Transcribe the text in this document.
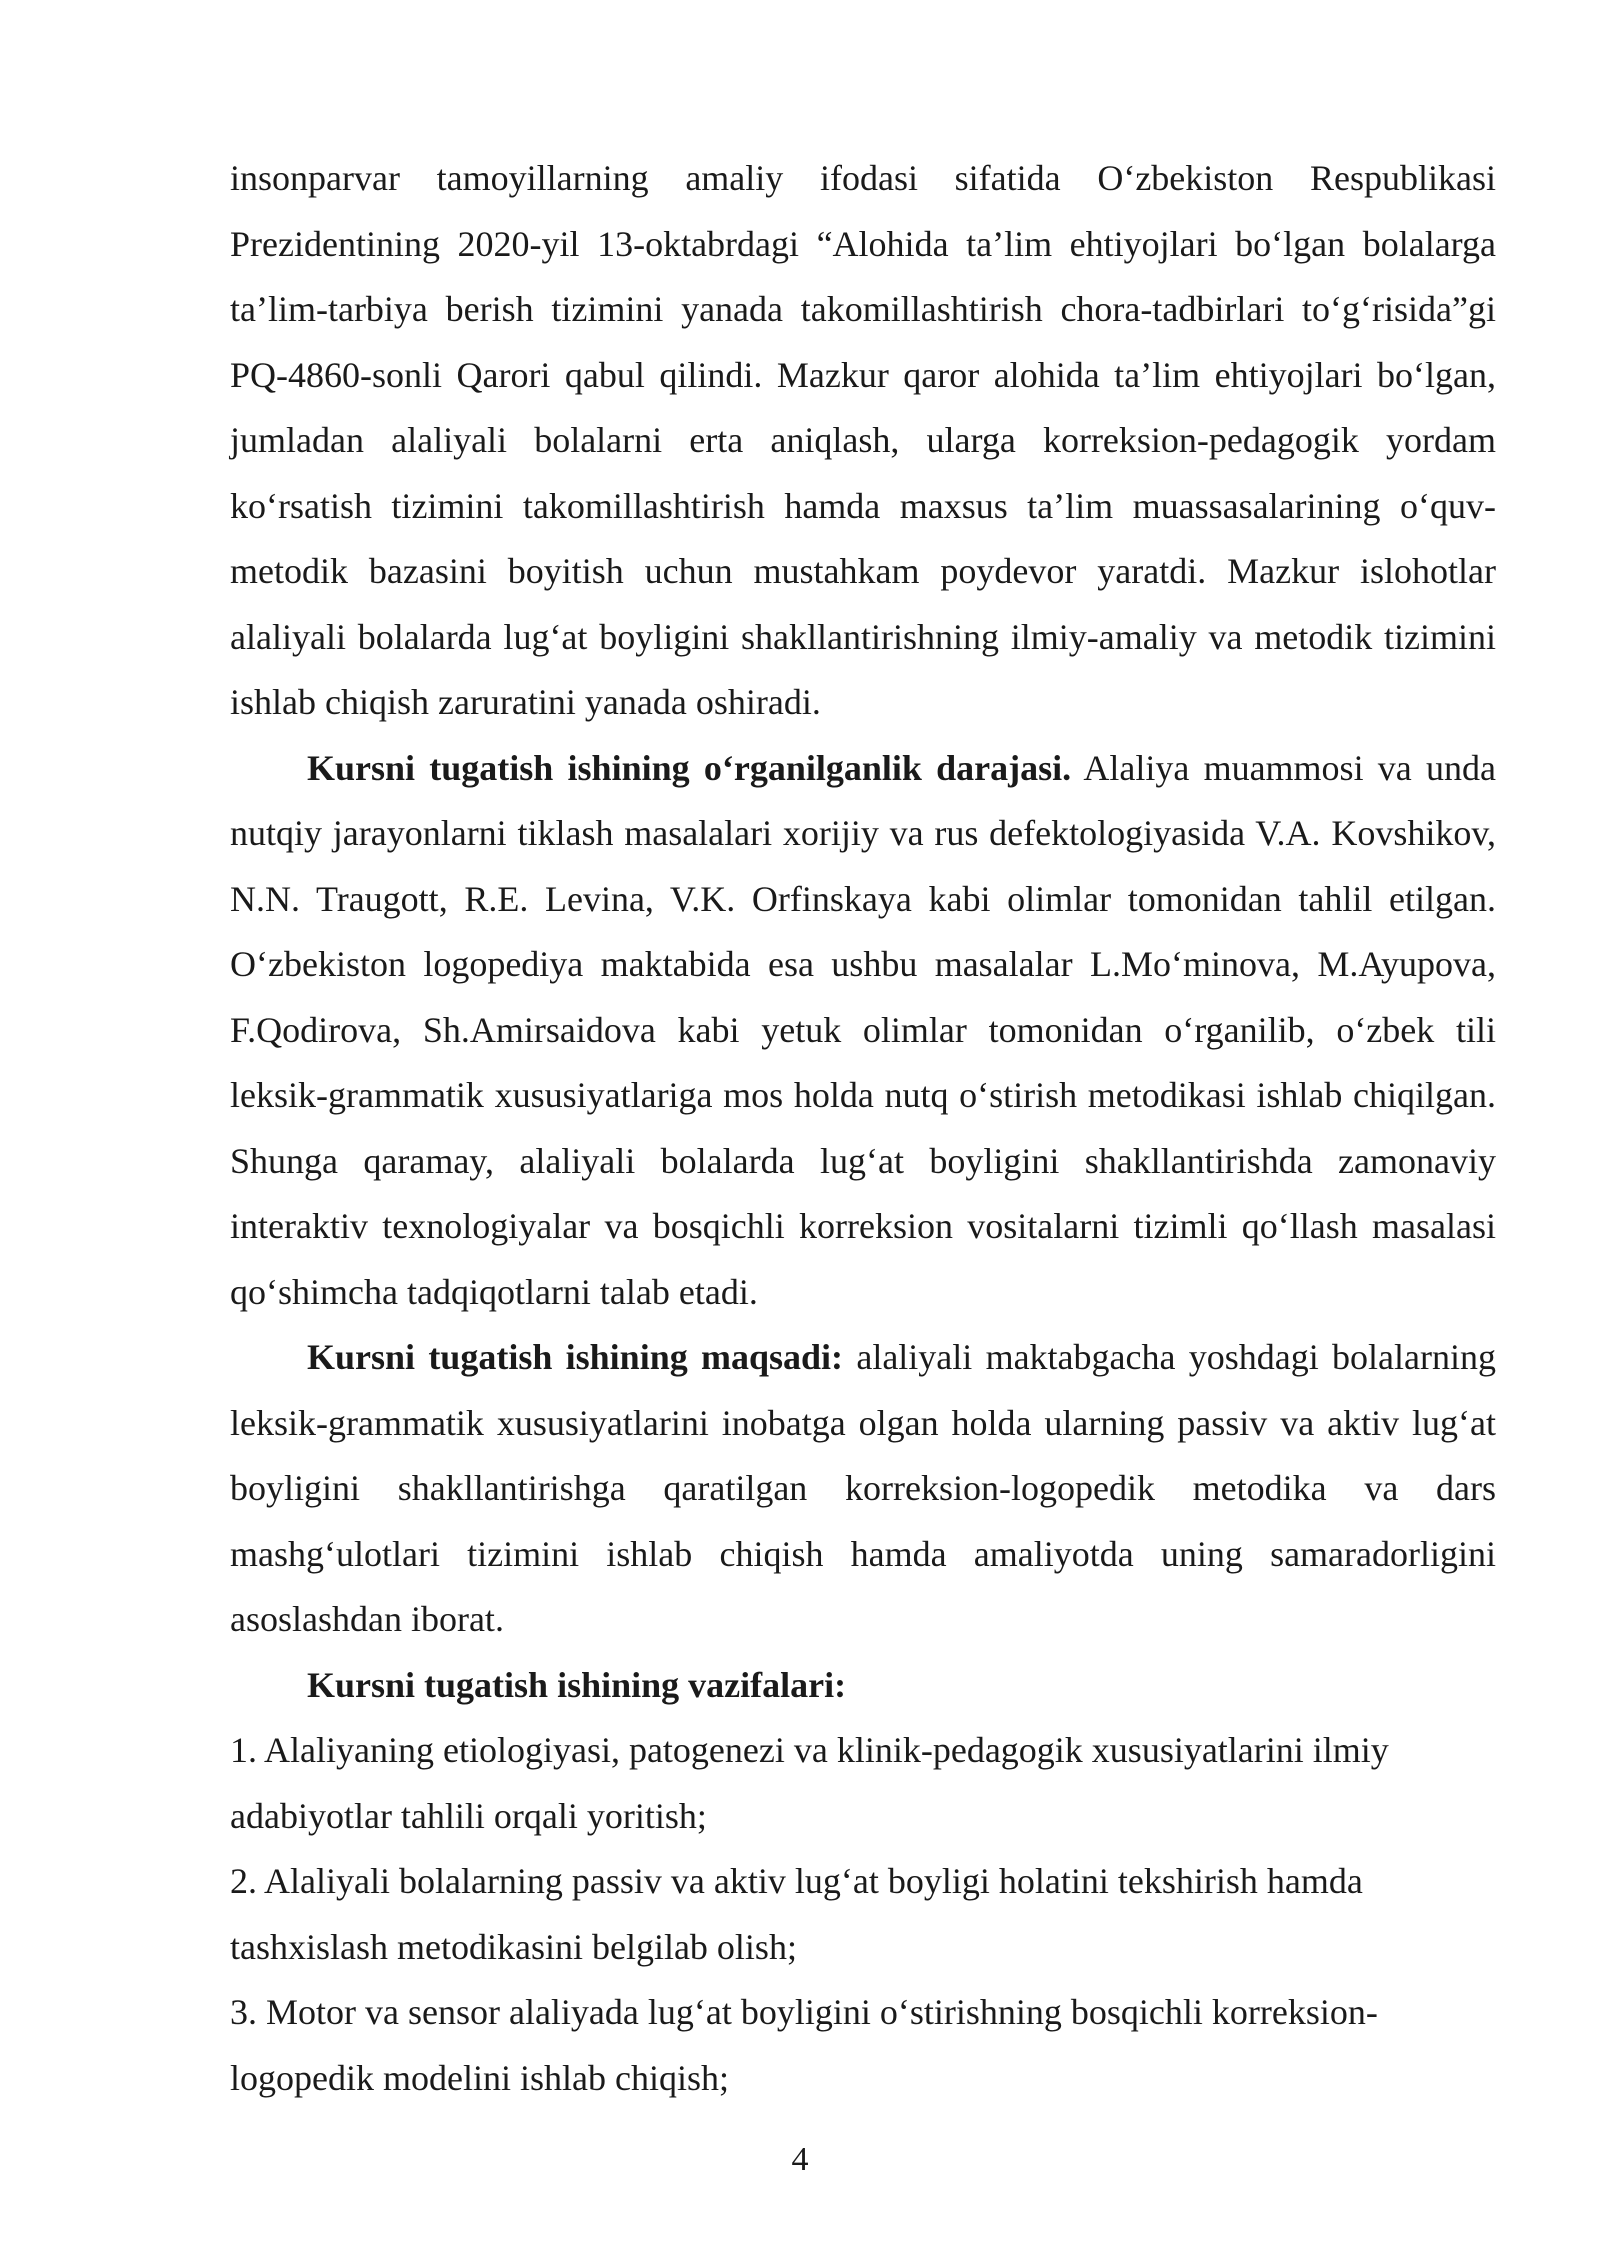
insonparvar tamoyillarning amaliy ifodasi sifatida O‘zbekiston Respublikasi Prezidentining 2020-yil 13-oktabrdagi “Alohida ta’lim ehtiyojlari bo‘lgan bolalarga ta’lim-tarbiya berish tizimini yanada takomillashtirish chora-tadbirlari to‘g‘risida”gi PQ-4860-sonli Qarori qabul qilindi. Mazkur qaror alohida ta’lim ehtiyojlari bo‘lgan, jumladan alaliyali bolalarni erta aniqlash, ularga korreksion-pedagogik yordam ko‘rsatish tizimini takomillashtirish hamda maxsus ta’lim muassasalarining o‘quv-metodik bazasini boyitish uchun mustahkam poydevor yaratdi. Mazkur islohotlar alaliyali bolalarda lug‘at boyligini shakllantirishning ilmiy-amaliy va metodik tizimini ishlab chiqish zaruratini yanada oshiradi.

Kursni tugatish ishining o‘rganilganlik darajasi. Alaliya muammosi va unda nutqiy jarayonlarni tiklash masalalari xorijiy va rus defektologiyasida V.A. Kovshikov, N.N. Traugott, R.E. Levina, V.K. Orfinskaya kabi olimlar tomonidan tahlil etilgan. O‘zbekiston logopediya maktabida esa ushbu masalalar L.Mo‘minova, M.Ayupova, F.Qodirova, Sh.Amirsaidova kabi yetuk olimlar tomonidan o‘rganilib, o‘zbek tili leksik-grammatik xususiyatlariga mos holda nutq o‘stirish metodikasi ishlab chiqilgan. Shunga qaramay, alaliyali bolalarda lug‘at boyligini shakllantirishda zamonaviy interaktiv texnologiyalar va bosqichli korreksion vositalarni tizimli qo‘llash masalasi qo‘shimcha tadqiqotlarni talab etadi.

Kursni tugatish ishining maqsadi: alaliyali maktabgacha yoshdagi bolalarning leksik-grammatik xususiyatlarini inobatga olgan holda ularning passiv va aktiv lug‘at boyligini shakllantirishga qaratilgan korreksion-logopedik metodika va dars mashg‘ulotlari tizimini ishlab chiqish hamda amaliyotda uning samaradorligini asoslashdan iborat.

Kursni tugatish ishining vazifalari:

1. Alaliyaning etiologiyasi, patogenezi va klinik-pedagogik xususiyatlarini ilmiy adabiyotlar tahlili orqali yoritish;

2. Alaliyali bolalarning passiv va aktiv lug‘at boyligi holatini tekshirish hamda tashxislash metodikasini belgilab olish;

3. Motor va sensor alaliyada lug‘at boyligini o‘stirishning bosqichli korreksion-logopedik modelini ishlab chiqish;

4
